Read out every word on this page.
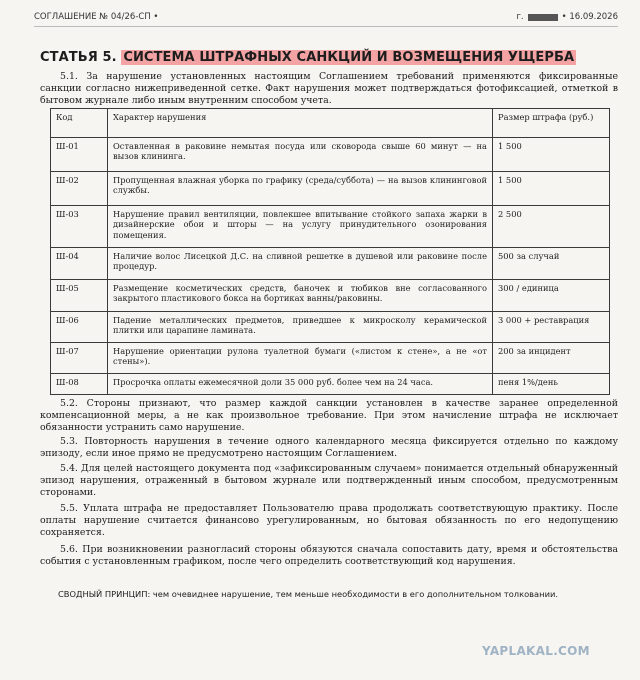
СОГЛАШЕНИЕ № 04/26-СП •	г.	• 16.09.2026
СТАТЬЯ 5. СИСТЕМА ШТРАФНЫХ САНКЦИЙ И ВОЗМЕЩЕНИЯ УЩЕРБА
5.1. За нарушение установленных настоящим Соглашением требований применяются фиксированные санкции согласно нижеприведенной сетке. Факт нарушения может подтверждаться фотофиксацией, отметкой в бытовом журнале либо иным внутренним способом учета.
Код	Характер нарушения	Размер штрафа (руб.)
Ш-01	Оставленная в раковине немытая посуда или сковорода свыше 60 минут — на вызов клининга.	1 500
Ш-02	Пропущенная влажная уборка по графику (среда/суббота) — на вызов клининговой службы.	1 500
Ш-03	Нарушение правил вентиляции, повлекшее впитывание стойкого запаха жарки в дизайнерские обои и шторы — на услугу принудительного озонирования помещения.	2 500
Ш-04	Наличие волос Лисецкой Д.С. на сливной решетке в душевой или раковине после процедур.	500 за случай
Ш-05	Размещение косметических средств, баночек и тюбиков вне согласованного закрытого пластикового бокса на бортиках ванны/раковины.	300 / единица
Ш-06	Падение металлических предметов, приведшее к микросколу керамической плитки или царапине ламината.	3 000 + реставрация
Ш-07	Нарушение ориентации рулона туалетной бумаги («листом к стене», а не «от стены»).	200 за инцидент
Ш-08	Просрочка оплаты ежемесячной доли 35 000 руб. более чем на 24 часа.	пеня 1%/день
5.2. Стороны признают, что размер каждой санкции установлен в качестве заранее определенной компенсационной меры, а не как произвольное требование. При этом начисление штрафа не исключает обязанности устранить само нарушение.
5.3. Повторность нарушения в течение одного календарного месяца фиксируется отдельно по каждому эпизоду, если иное прямо не предусмотрено настоящим Соглашением.
5.4. Для целей настоящего документа под «зафиксированным случаем» понимается отдельный обнаруженный эпизод нарушения, отраженный в бытовом журнале или подтвержденный иным способом, предусмотренным сторонами.
5.5. Уплата штрафа не предоставляет Пользователю права продолжать соответствующую практику. После оплаты нарушение считается финансово урегулированным, но бытовая обязанность по его недопущению сохраняется.
5.6. При возникновении разногласий стороны обязуются сначала сопоставить дату, время и обстоятельства события с установленным графиком, после чего определить соответствующий код нарушения.
СВОДНЫЙ ПРИНЦИП: чем очевиднее нарушение, тем меньше необходимости в его дополнительном толковании.
YAPLAKAL.COM
